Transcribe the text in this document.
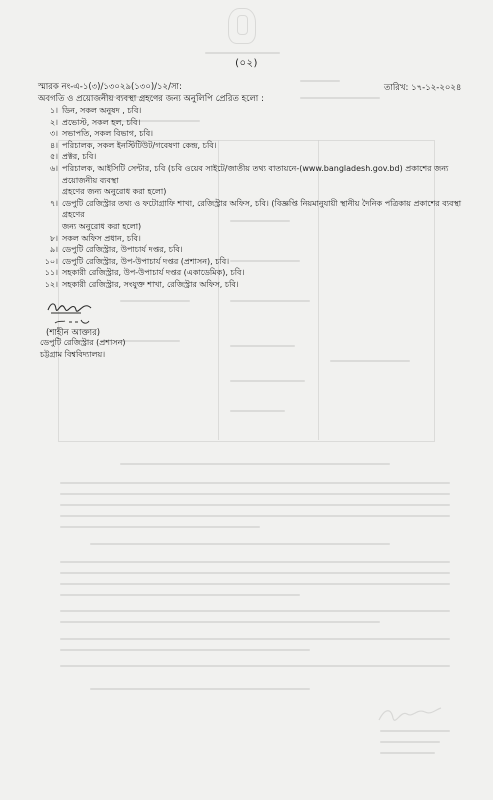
(০২)
স্মারক নং-এ-১(৩)/১৩০২৯(১৩০)/১২/সা:	তারিখ: ১৭-১২-২০২৪
অবগতি ও প্রয়োজনীয় ব্যবস্থা গ্রহণের জন্য অনুলিপি প্রেরিত হলো :
১। ডিন, সকল অনুষদ , চবি।
২। প্রভোস্ট, সকল হল, চবি।
৩। সভাপতি, সকল বিভাগ, চবি।
৪। পরিচালক, সকল ইনস্টিটিউট/গবেষণা কেন্দ্র, চবি।
৫। প্রক্টর, চবি।
৬। পরিচালক, আইসিটি সেন্টার, চবি (চবি ওয়েব সাইটে/জাতীয় তথ্য বাতায়নে-(www.bangladesh.gov.bd) প্রকাশের জন্য প্রয়োজনীয় ব্যবস্থা
গ্রহণের জন্য অনুরোধ করা হলো)
৭। ডেপুটি রেজিস্ট্রার তথ্য ও ফটোগ্রাফি শাখা, রেজিস্ট্রার অফিস, চবি। (বিজ্ঞপ্তি নিয়মানুযায়ী স্থানীয় দৈনিক পত্রিকায় প্রকাশের ব্যবস্থা গ্রহণের
জন্য অনুরোধ করা হলো)
৮। সকল অফিস প্রধান, চবি।
৯। ডেপুটি রেজিস্ট্রার, উপাচার্য দপ্তর, চবি।
১০। ডেপুটি রেজিস্ট্রার, উপ-উপাচার্য দপ্তর (প্রশাসন), চবি।
১১। সহকারী রেজিস্ট্রার, উপ-উপাচার্য দপ্তর (একাডেমিক), চবি।
১২। সহকারী রেজিস্ট্রার, সংযুক্ত শাখা, রেজিস্ট্রার অফিস, চবি।
(শাহীন আক্তার)
ডেপুটি রেজিস্ট্রার (প্রশাসন)
চট্টগ্রাম বিশ্ববিদ্যালয়।
